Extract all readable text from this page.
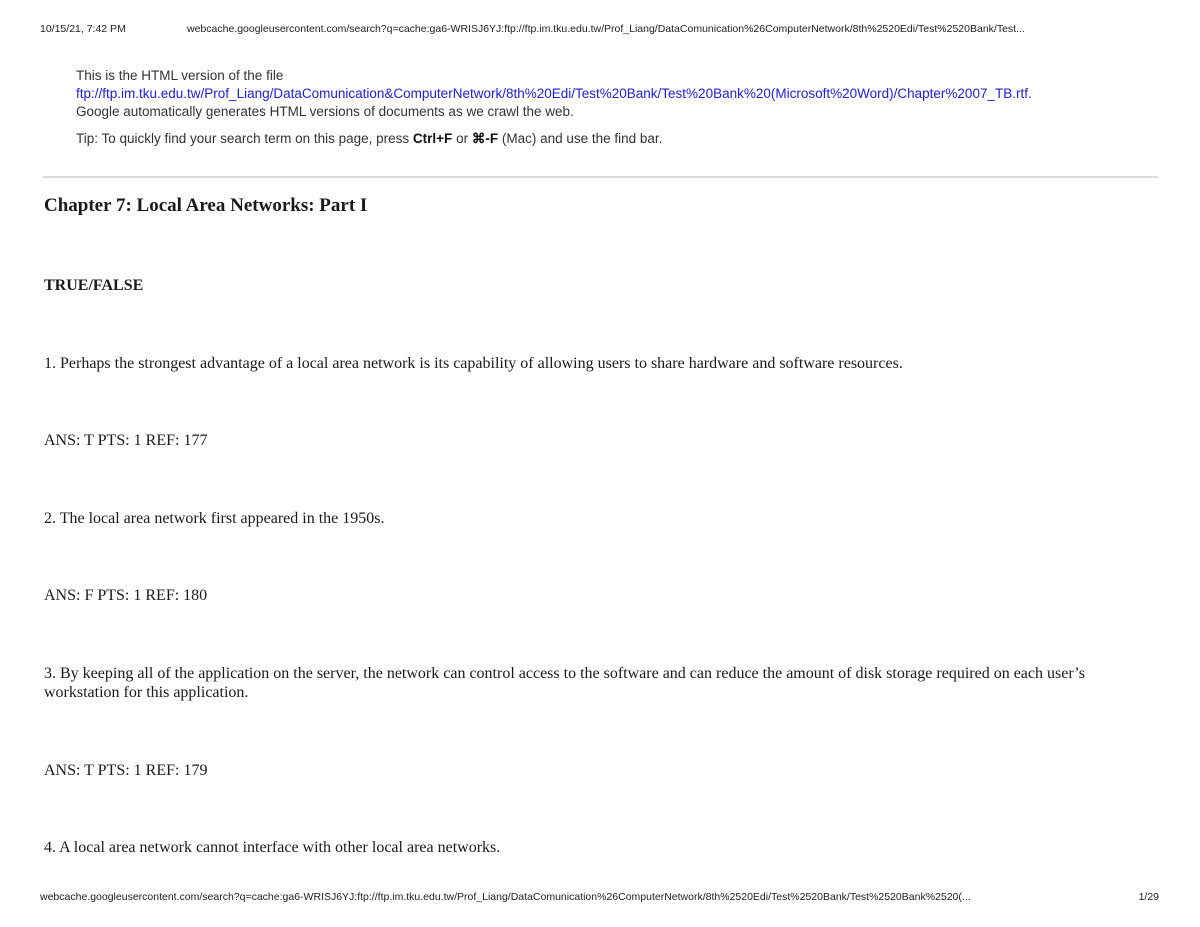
10/15/21, 7:42 PM	webcache.googleusercontent.com/search?q=cache:ga6-WRISJ6YJ:ftp://ftp.im.tku.edu.tw/Prof_Liang/DataComunication%26ComputerNetwork/8th%2520Edi/Test%2520Bank/Test...
This is the HTML version of the file
ftp://ftp.im.tku.edu.tw/Prof_Liang/DataComunication&ComputerNetwork/8th%20Edi/Test%20Bank/Test%20Bank%20(Microsoft%20Word)/Chapter%2007_TB.rtf.
Google automatically generates HTML versions of documents as we crawl the web.
Tip: To quickly find your search term on this page, press Ctrl+F or ⌘-F (Mac) and use the find bar.
Chapter 7: Local Area Networks: Part I
TRUE/FALSE
1. Perhaps the strongest advantage of a local area network is its capability of allowing users to share hardware and software resources.
ANS: T PTS: 1 REF: 177
2. The local area network first appeared in the 1950s.
ANS: F PTS: 1 REF: 180
3. By keeping all of the application on the server, the network can control access to the software and can reduce the amount of disk storage required on each user’s workstation for this application.
ANS: T PTS: 1 REF: 179
4. A local area network cannot interface with other local area networks.
webcache.googleusercontent.com/search?q=cache:ga6-WRISJ6YJ:ftp://ftp.im.tku.edu.tw/Prof_Liang/DataComunication%26ComputerNetwork/8th%2520Edi/Test%2520Bank/Test%2520Bank%2520(...	1/29
